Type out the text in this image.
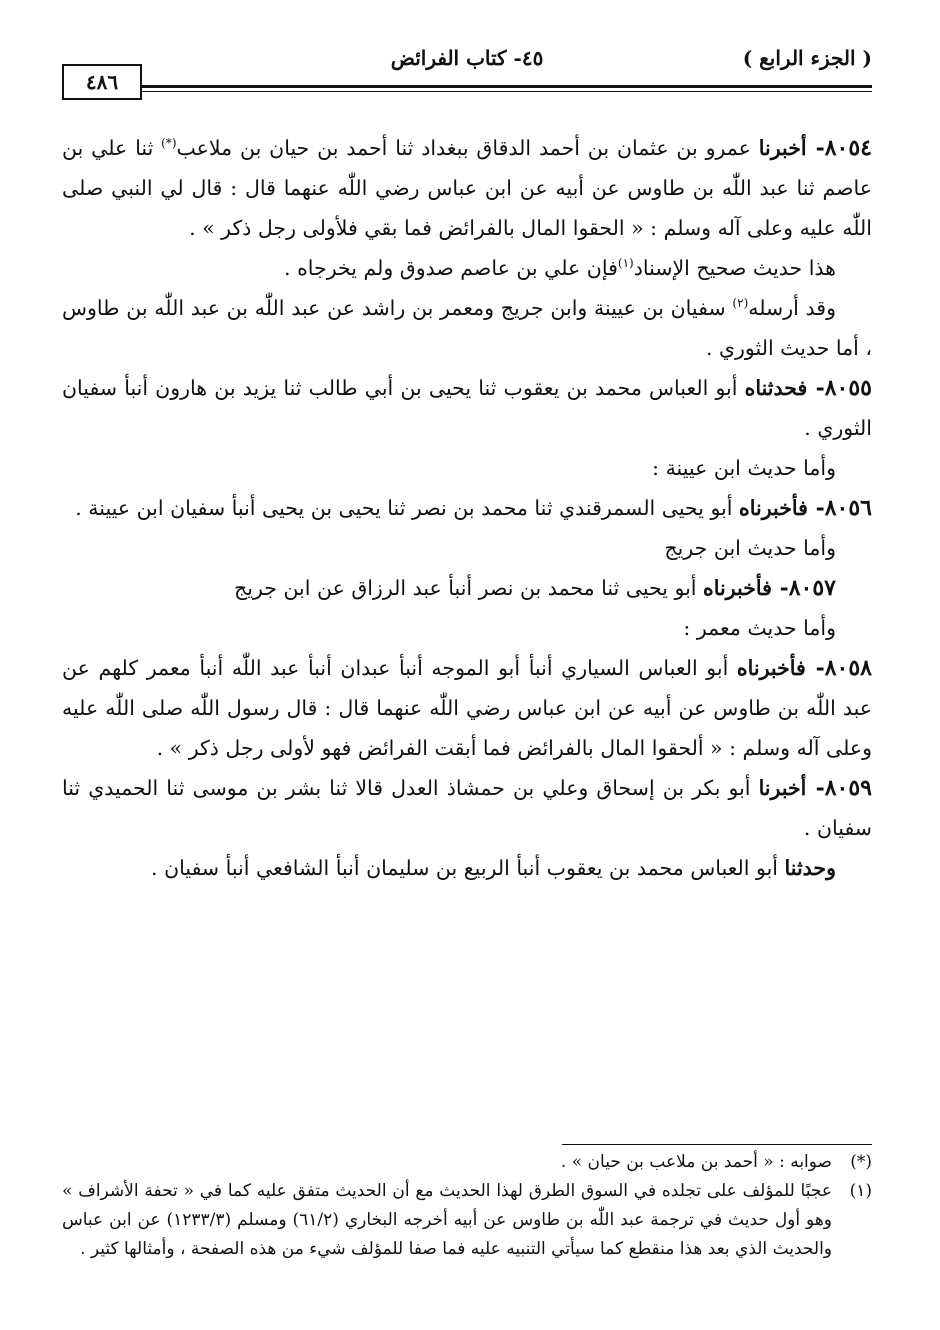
( الجزء الرابع )
٤٥- كتاب الفرائض
٤٨٦

٨٠٥٤- أخبرنا عمرو بن عثمان بن أحمد الدقاق ببغداد ثنا أحمد بن حيان بن ملاعب(*) ثنا علي بن عاصم ثنا عبد اللّٰه بن طاوس عن أبيه عن ابن عباس رضي اللّٰه عنهما قال : قال لي النبي صلى اللّٰه عليه وعلى آله وسلم : « الحقوا المال بالفرائض فما بقي فلأولى رجل ذكر » .

هذا حديث صحيح الإسناد$^{(١)}$فإن علي بن عاصم صدوق ولم يخرجاه .

وقد أرسله$^{(٢)}$ سفيان بن عيينة وابن جريج ومعمر بن راشد عن عبد اللّٰه بن عبد اللّٰه بن طاوس ، أما حديث الثوري .

٨٠٥٥- فحدثناه أبو العباس محمد بن يعقوب ثنا يحيى بن أبي طالب ثنا يزيد بن هارون أنبأ سفيان الثوري .

وأما حديث ابن عيينة :

٨٠٥٦- فأخبرناه أبو يحيى السمرقندي ثنا محمد بن نصر ثنا يحيى بن يحيى أنبأ سفيان ابن عيينة .

وأما حديث ابن جريج

٨٠٥٧- فأخبرناه أبو يحيى ثنا محمد بن نصر أنبأ عبد الرزاق عن ابن جريج

وأما حديث معمر :

٨٠٥٨- فأخبرناه أبو العباس السياري أنبأ أبو الموجه أنبأ عبدان أنبأ عبد اللّٰه أنبأ معمر كلهم عن عبد اللّٰه بن طاوس عن أبيه عن ابن عباس رضي اللّٰه عنهما قال : قال رسول اللّٰه صلى اللّٰه عليه وعلى آله وسلم : « ألحقوا المال بالفرائض فما أبقت الفرائض فهو لأولى رجل ذكر » .

٨٠٥٩- أخبرنا أبو بكر بن إسحاق وعلي بن حمشاذ العدل قالا ثنا بشر بن موسى ثنا الحميدي ثنا سفيان .

وحدثنا أبو العباس محمد بن يعقوب أنبأ الربيع بن سليمان أنبأ الشافعي أنبأ سفيان .

(*)
صوابه : « أحمد بن ملاعب بن حيان » .

(١)
عجبًا للمؤلف على تجلده في السوق الطرق لهذا الحديث مع أن الحديث متفق عليه كما في « تحفة الأشراف » وهو أول حديث في ترجمة عبد اللّٰه بن طاوس عن أبيه أخرجه البخاري (٦١/٢) ومسلم (١٢٣٣/٣) عن ابن عباس والحديث الذي بعد هذا منقطع كما سيأتي التنبيه عليه فما صفا للمؤلف شيء من هذه الصفحة ، وأمثالها كثير .
